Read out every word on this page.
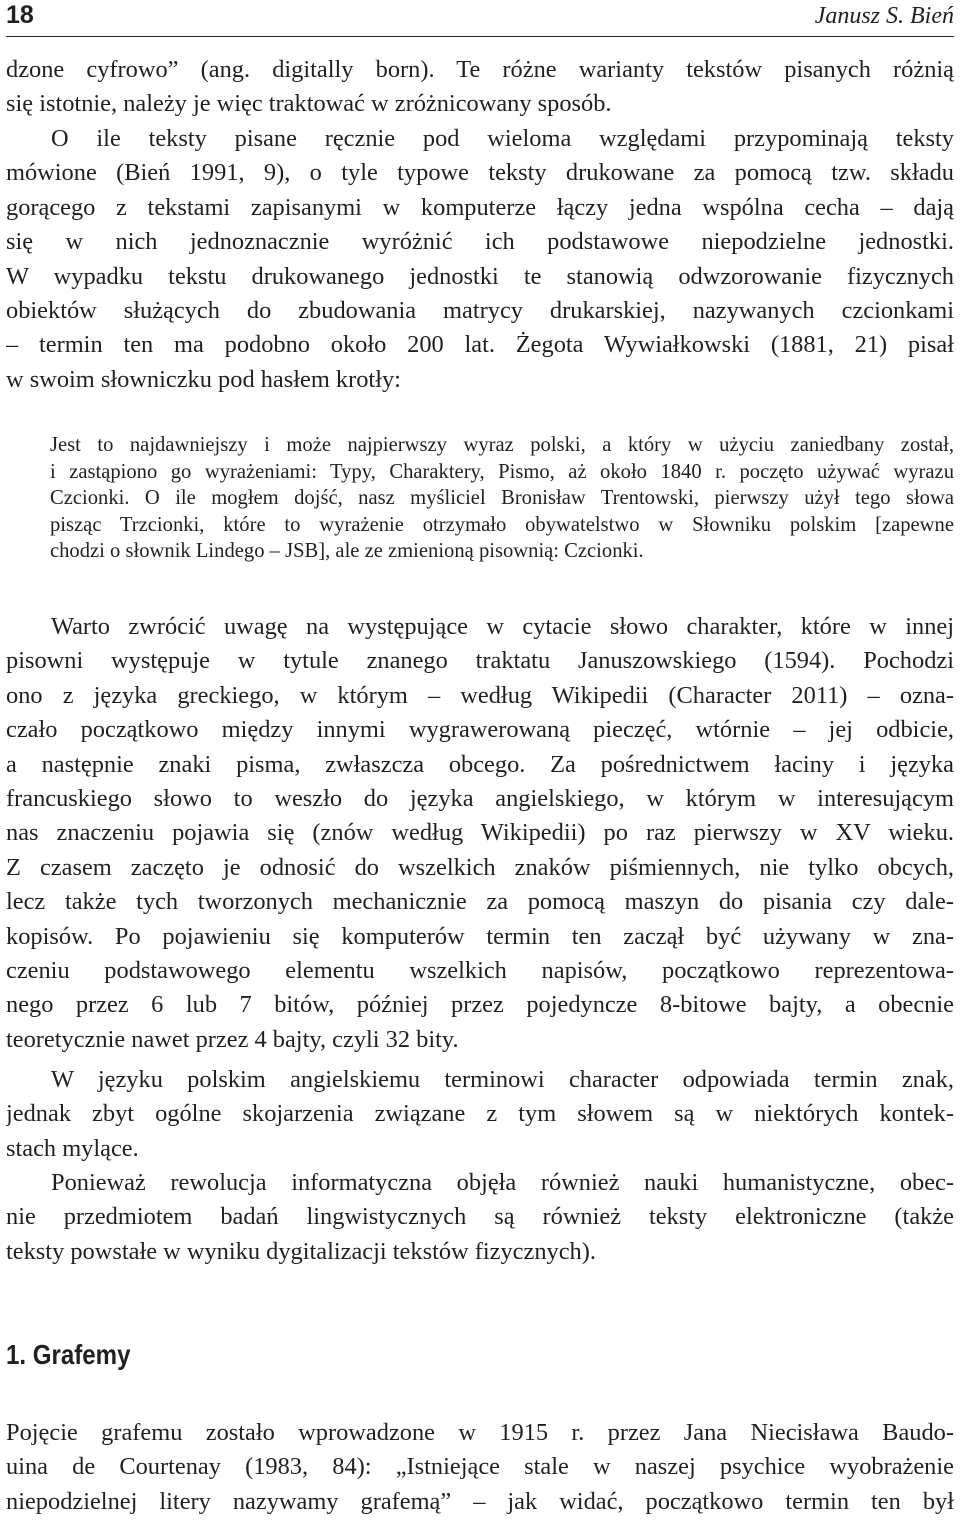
18	Janusz S. Bień
dzone cyfrowo” (ang. digitally born). Te różne warianty tekstów pisanych różnią
się istotnie, należy je więc traktować w zróżnicowany sposób.
O ile teksty pisane ręcznie pod wieloma względami przypominają teksty
mówione (Bień 1991, 9), o tyle typowe teksty drukowane za pomocą tzw. składu
gorącego z tekstami zapisanymi w komputerze łączy jedna wspólna cecha – dają
się w nich jednoznacznie wyróżnić ich podstawowe niepodzielne jednostki.
W wypadku tekstu drukowanego jednostki te stanowią odwzorowanie fizycznych
obiektów służących do zbudowania matrycy drukarskiej, nazywanych czcionkami
– termin ten ma podobno około 200 lat. Żegota Wywiałkowski (1881, 21) pisał
w swoim słowniczku pod hasłem krotły:
Jest to najdawniejszy i może najpierwszy wyraz polski, a który w użyciu zaniedbany został,
i zastąpiono go wyrażeniami: Typy, Charaktery, Pismo, aż około 1840 r. poczęto używać wyrazu
Czcionki. O ile mogłem dojść, nasz myśliciel Bronisław Trentowski, pierwszy użył tego słowa
pisząc Trzcionki, które to wyrażenie otrzymało obywatelstwo w Słowniku polskim [zapewne
chodzi o słownik Lindego – JSB], ale ze zmienioną pisownią: Czcionki.
Warto zwrócić uwagę na występujące w cytacie słowo charakter, które w innej
pisowni występuje w tytule znanego traktatu Januszowskiego (1594). Pochodzi
ono z języka greckiego, w którym – według Wikipedii (Character 2011) – ozna-
czało początkowo między innymi wygrawerowaną pieczęć, wtórnie – jej odbicie,
a następnie znaki pisma, zwłaszcza obcego. Za pośrednictwem łaciny i języka
francuskiego słowo to weszło do języka angielskiego, w którym w interesującym
nas znaczeniu pojawia się (znów według Wikipedii) po raz pierwszy w XV wieku.
Z czasem zaczęto je odnosić do wszelkich znaków piśmiennych, nie tylko obcych,
lecz także tych tworzonych mechanicznie za pomocą maszyn do pisania czy dale-
kopisów. Po pojawieniu się komputerów termin ten zaczął być używany w zna-
czeniu podstawowego elementu wszelkich napisów, początkowo reprezentowa-
nego przez 6 lub 7 bitów, później przez pojedyncze 8-bitowe bajty, a obecnie
teoretycznie nawet przez 4 bajty, czyli 32 bity.
W języku polskim angielskiemu terminowi character odpowiada termin znak,
jednak zbyt ogólne skojarzenia związane z tym słowem są w niektórych kontek-
stach mylące.
Ponieważ rewolucja informatyczna objęła również nauki humanistyczne, obec-
nie przedmiotem badań lingwistycznych są również teksty elektroniczne (także
teksty powstałe w wyniku dygitalizacji tekstów fizycznych).
1. Grafemy
Pojęcie grafemu zostało wprowadzone w 1915 r. przez Jana Niecisława Baudo-
uina de Courtenay (1983, 84): „Istniejące stale w naszej psychice wyobrażenie
niepodzielnej litery nazywamy grafemą” – jak widać, początkowo termin ten był
